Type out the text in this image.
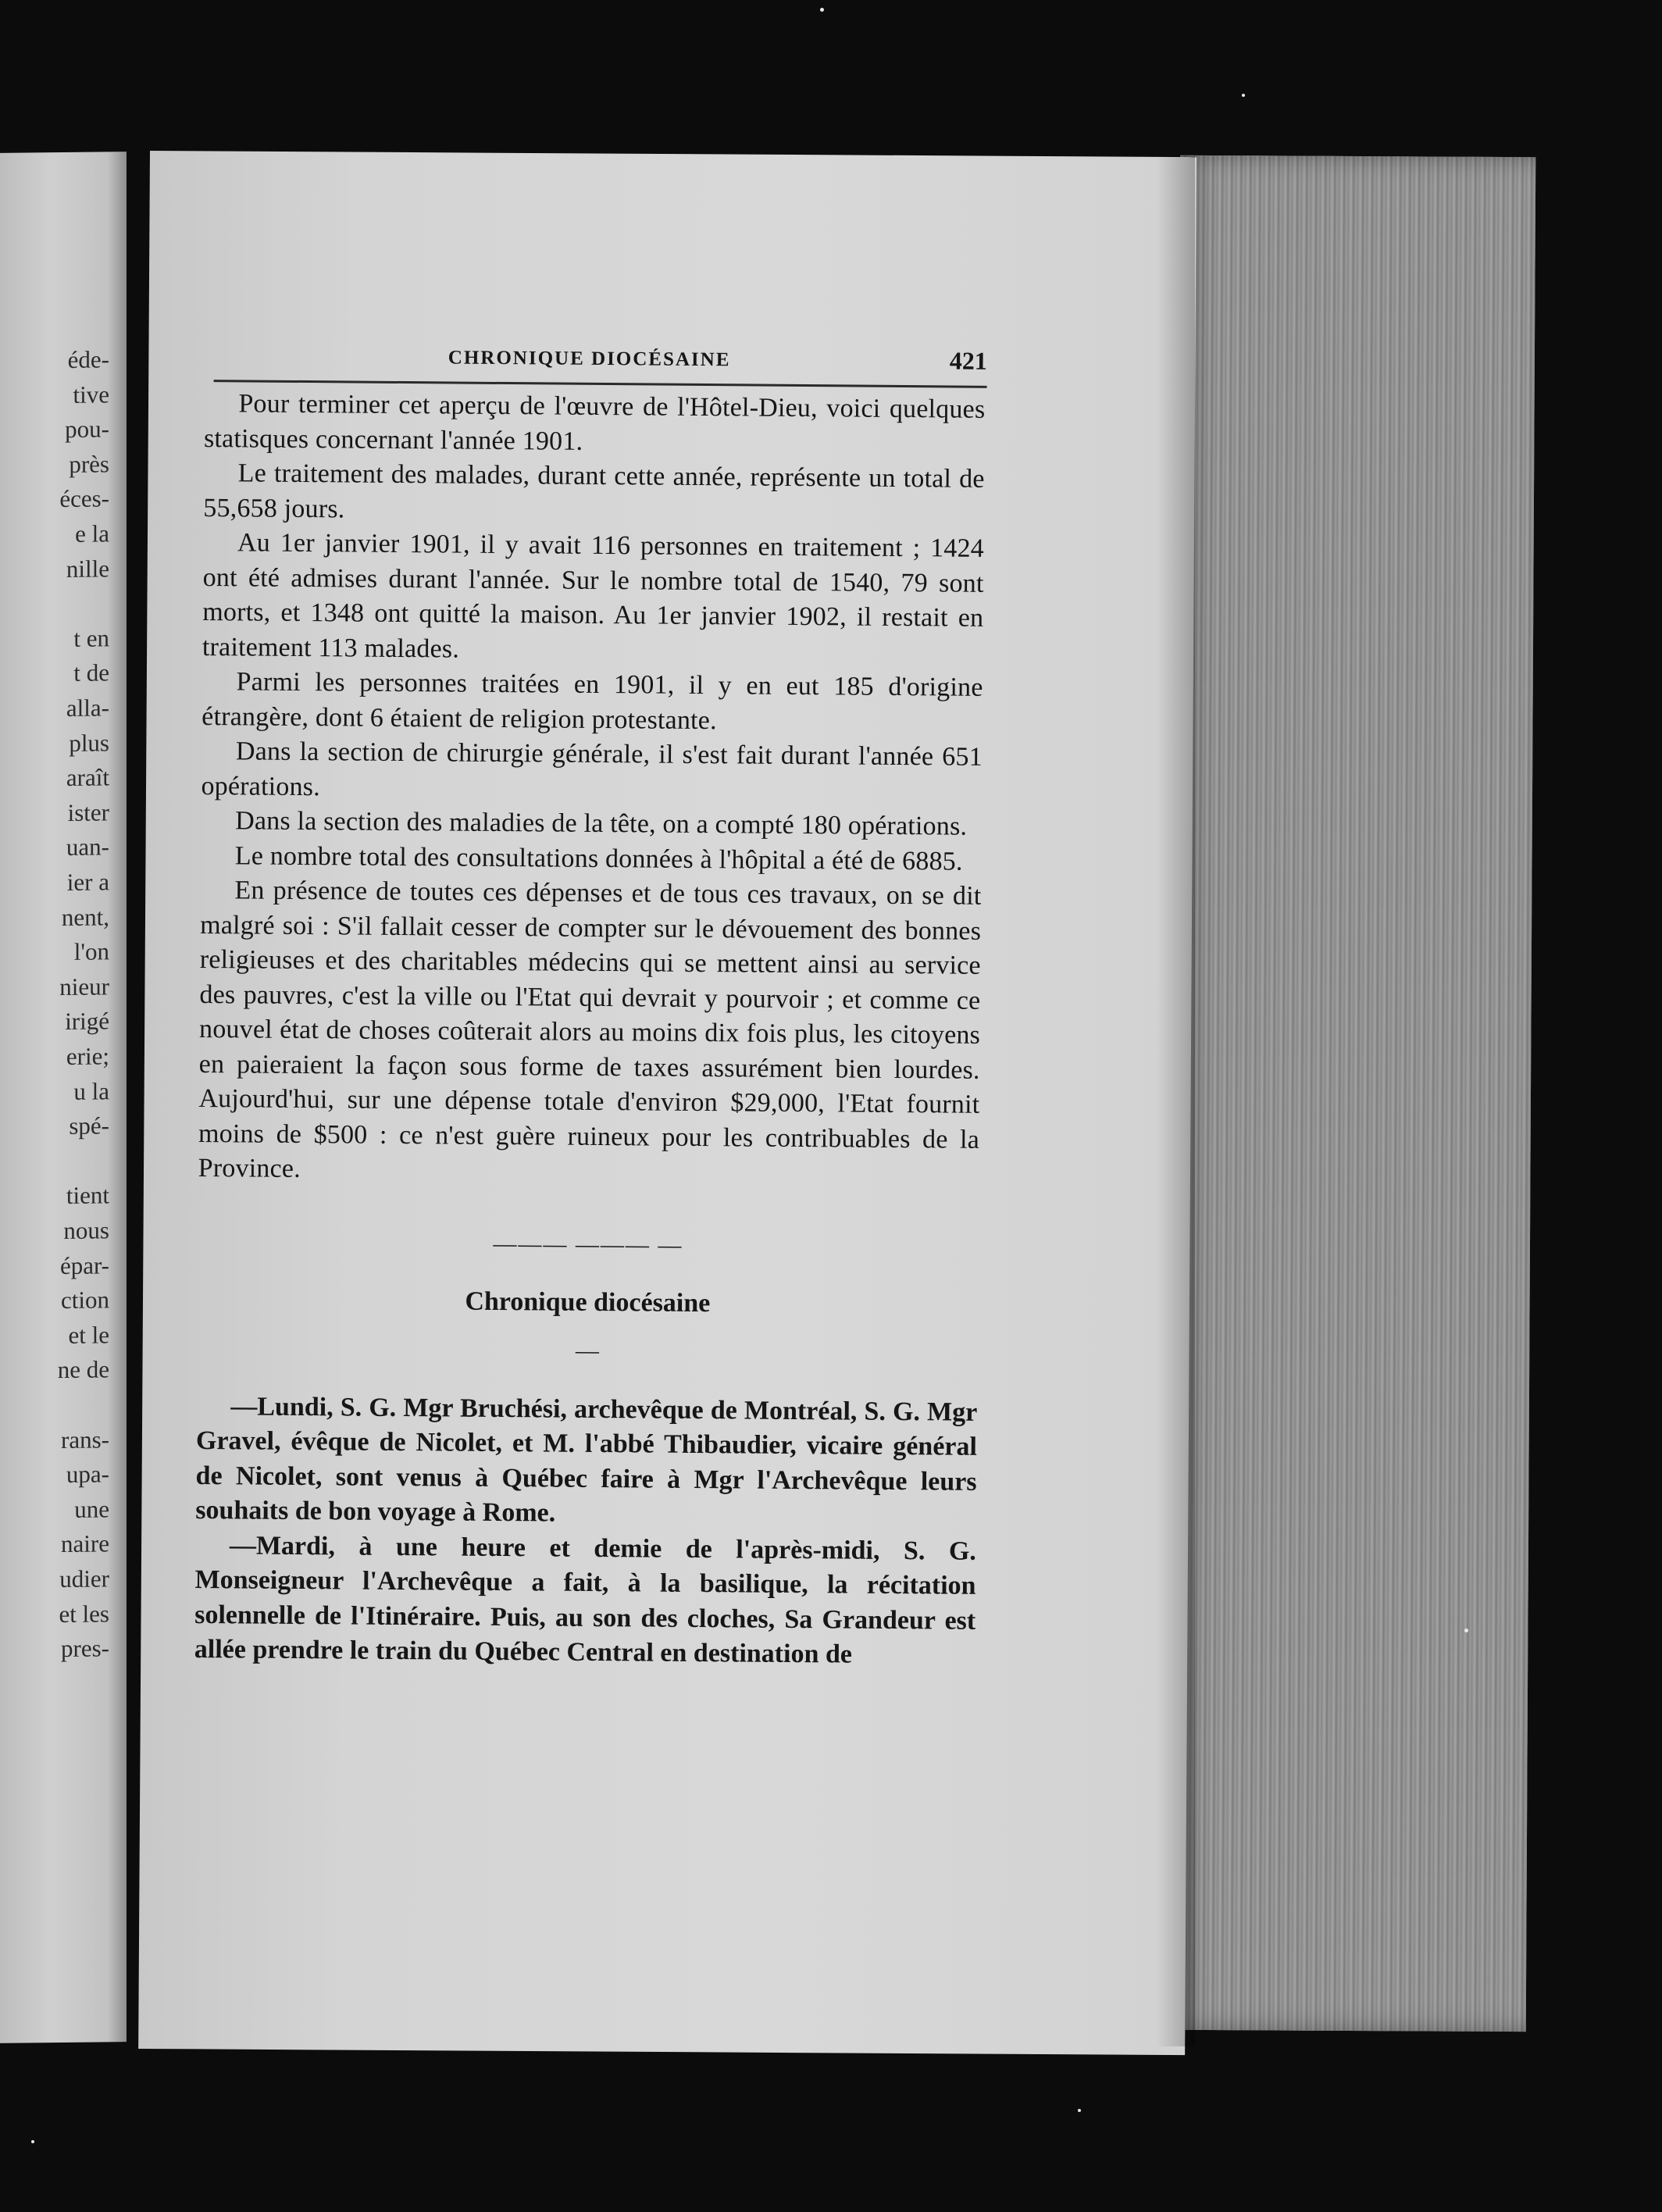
éde-
tive
pou-
près
éces-
e la
nille
t en
t de
alla-
plus
araît
ister
uan-
ier a
nent,
l'on
nieur
irigé
erie;
u la
spé-
tient
nous
épar-
ction
et le
ne de
rans-
upa-
une
naire
udier
et les
pres-
CHRONIQUE DIOCÉSAINE	421

Pour terminer cet aperçu de l'œuvre de l'Hôtel-Dieu, voici quelques statisques concernant l'année 1901.

Le traitement des malades, durant cette année, représente un total de 55,658 jours.

Au 1er janvier 1901, il y avait 116 personnes en traitement ; 1424 ont été admises durant l'année. Sur le nombre total de 1540, 79 sont morts, et 1348 ont quitté la maison. Au 1er janvier 1902, il restait en traitement 113 malades.

Parmi les personnes traitées en 1901, il y en eut 185 d'origine étrangère, dont 6 étaient de religion protestante.

Dans la section de chirurgie générale, il s'est fait durant l'année 651 opérations.

Dans la section des maladies de la tête, on a compté 180 opérations.

Le nombre total des consultations données à l'hôpital a été de 6885.

En présence de toutes ces dépenses et de tous ces travaux, on se dit malgré soi : S'il fallait cesser de compter sur le dévouement des bonnes religieuses et des charitables médecins qui se mettent ainsi au service des pauvres, c'est la ville ou l'Etat qui devrait y pourvoir ; et comme ce nouvel état de choses coûterait alors au moins dix fois plus, les citoyens en paieraient la façon sous forme de taxes assurément bien lourdes. Aujourd'hui, sur une dépense totale d'environ $29,000, l'Etat fournit moins de $500 : ce n'est guère ruineux pour les contribuables de la Province.

——— ——— —
Chronique diocésaine
—

—Lundi, S. G. Mgr Bruchési, archevêque de Montréal, S. G. Mgr Gravel, évêque de Nicolet, et M. l'abbé Thibaudier, vicaire général de Nicolet, sont venus à Québec faire à Mgr l'Archevêque leurs souhaits de bon voyage à Rome.

—Mardi, à une heure et demie de l'après-midi, S. G. Monseigneur l'Archevêque a fait, à la basilique, la récitation solennelle de l'Itinéraire. Puis, au son des cloches, Sa Grandeur est allée prendre le train du Québec Central en destination de
